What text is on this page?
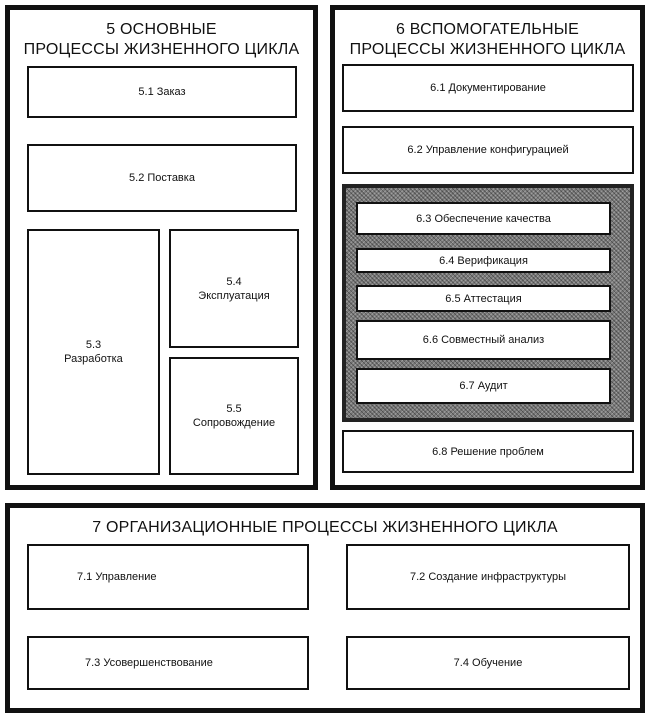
5 ОСНОВНЫЕ
ПРОЦЕССЫ ЖИЗНЕННОГО ЦИКЛА
5.1 Заказ
5.2 Поставка
5.3
Разработка
5.4
Эксплуатация
5.5
Сопровождение
6 ВСПОМОГАТЕЛЬНЫЕ
ПРОЦЕССЫ ЖИЗНЕННОГО ЦИКЛА
6.1 Документирование
6.2 Управление конфигурацией
6.3 Обеспечение качества
6.4 Верификация
6.5 Аттестация
6.6 Совместный анализ
6.7 Аудит
6.8 Решение проблем
7 ОРГАНИЗАЦИОННЫЕ ПРОЦЕССЫ ЖИЗНЕННОГО ЦИКЛА
7.1 Управление	7.2 Создание инфраструктуры
7.3 Усовершенствование	7.4 Обучение
